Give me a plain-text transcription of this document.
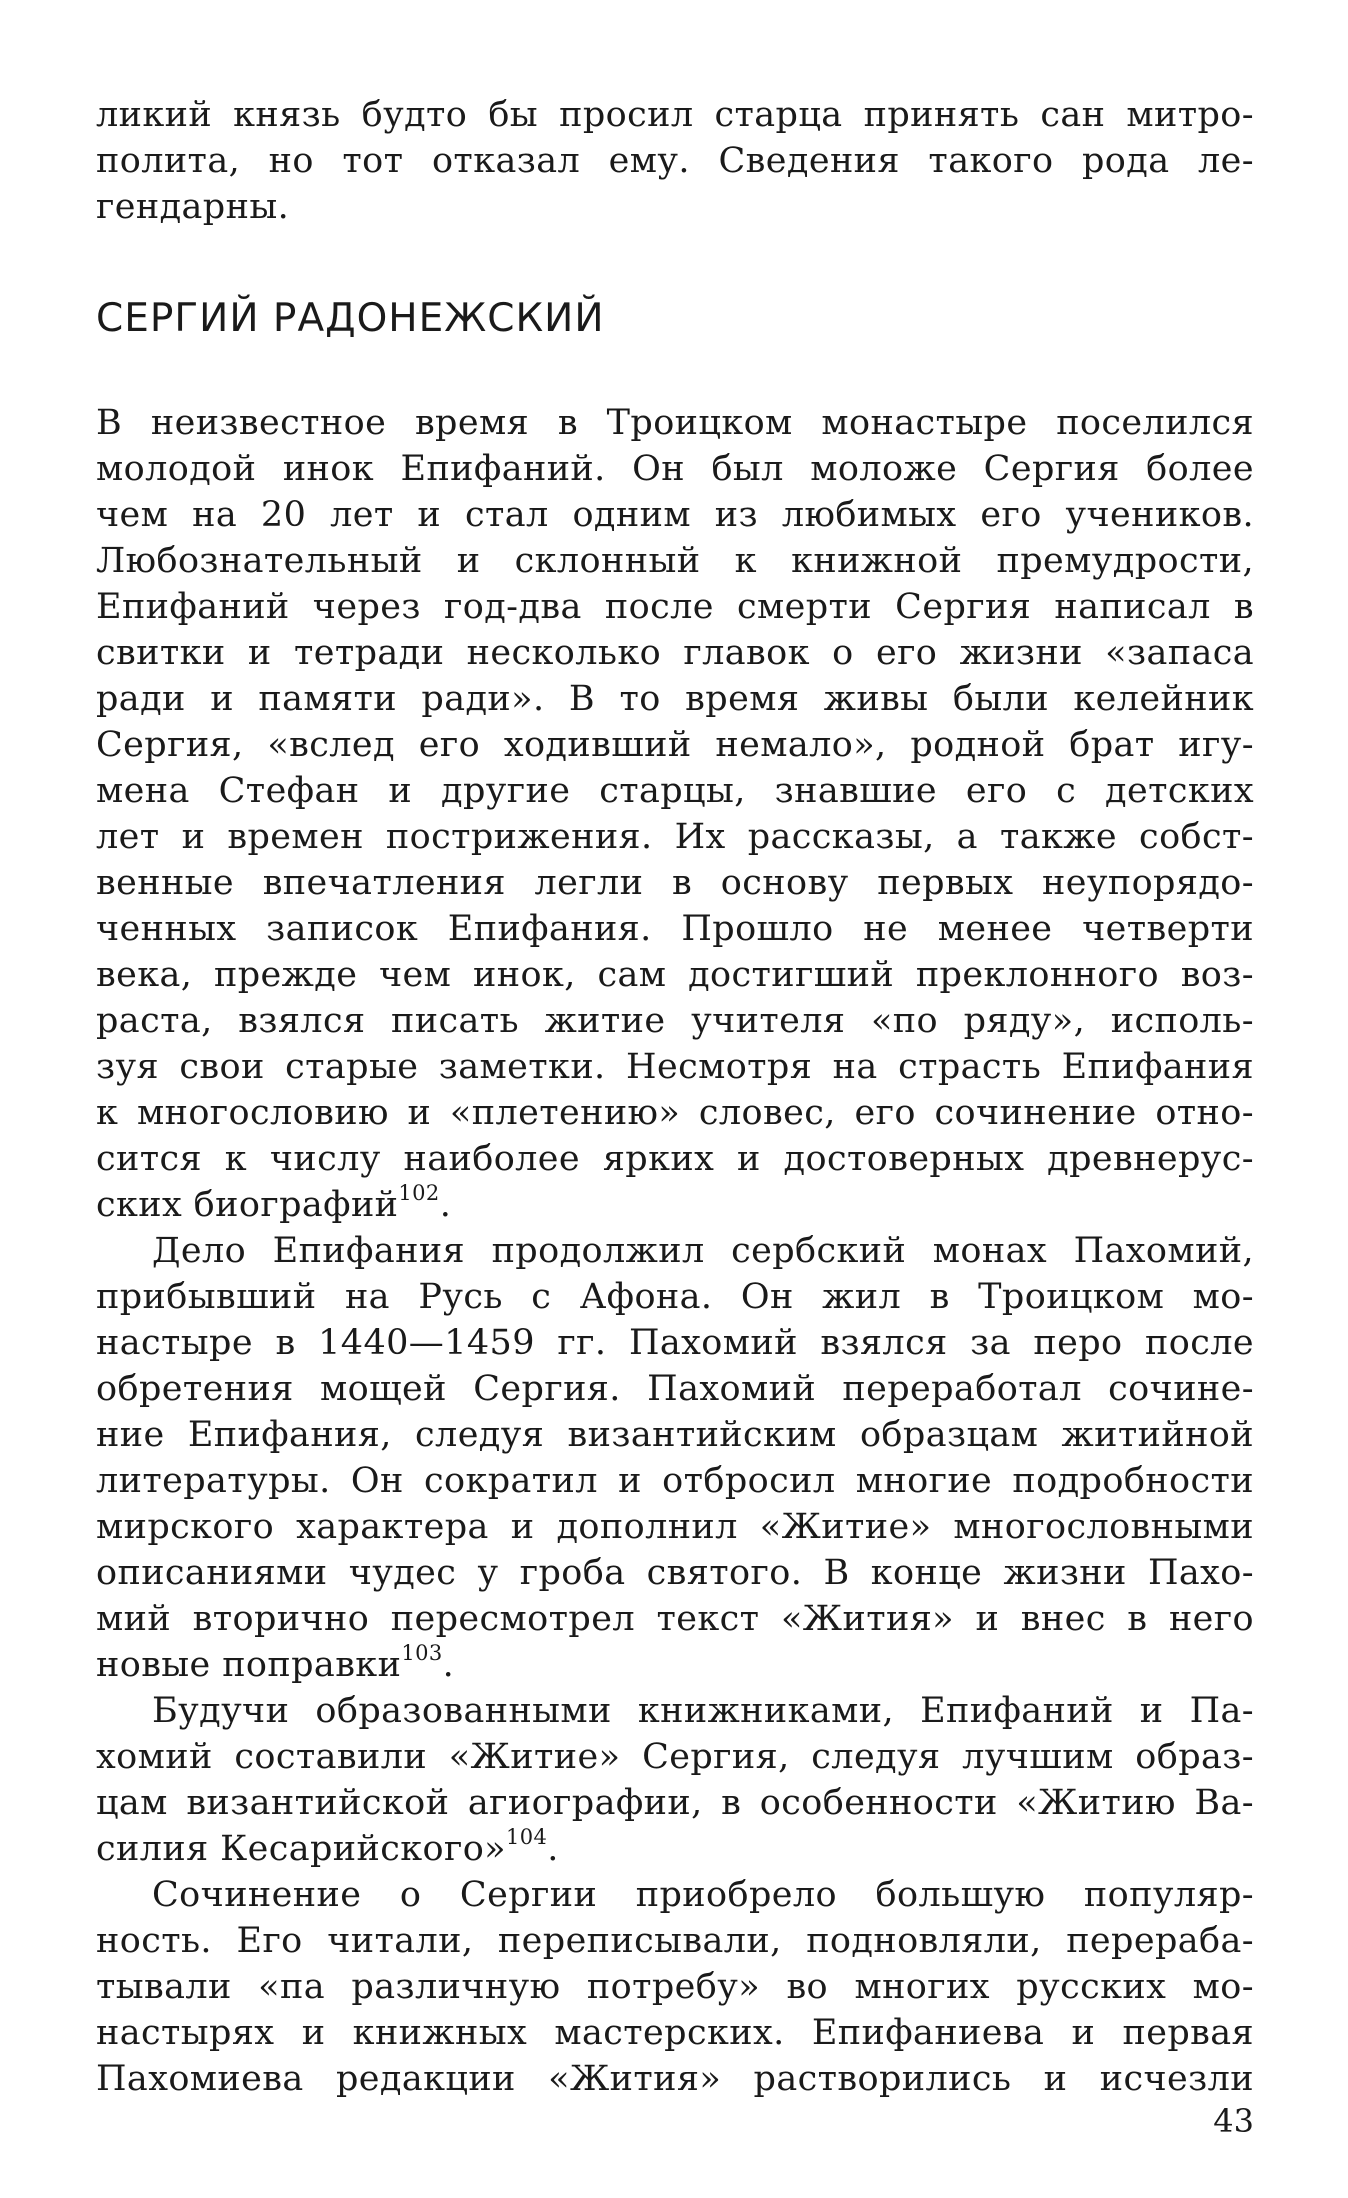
ликий князь будто бы просил старца принять сан митро-
полита, но тот отказал ему. Сведения такого рода ле-
гендарны.
СЕРГИЙ РАДОНЕЖСКИЙ
В неизвестное время в Троицком монастыре поселился
молодой инок Епифаний. Он был моложе Сергия более
чем на 20 лет и стал одним из любимых его учеников.
Любознательный и склонный к книжной премудрости,
Епифаний через год-два после смерти Сергия написал в
свитки и тетради несколько главок о его жизни «запаса
ради и памяти ради». В то время живы были келейник
Сергия, «вслед его ходивший немало», родной брат игу-
мена Стефан и другие старцы, знавшие его с детских
лет и времен пострижения. Их рассказы, а также собст-
венные впечатления легли в основу первых неупорядо-
ченных записок Епифания. Прошло не менее четверти
века, прежде чем инок, сам достигший преклонного воз-
раста, взялся писать житие учителя «по ряду», исполь-
зуя свои старые заметки. Несмотря на страсть Епифания
к многословию и «плетению» словес, его сочинение отно-
сится к числу наиболее ярких и достоверных древнерус-
ских биографий$^{102}$.
Дело Епифания продолжил сербский монах Пахомий,
прибывший на Русь с Афона. Он жил в Троицком мо-
настыре в 1440—1459 гг. Пахомий взялся за перо после
обретения мощей Сергия. Пахомий переработал сочине-
ние Епифания, следуя византийским образцам житийной
литературы. Он сократил и отбросил многие подробности
мирского характера и дополнил «Житие» многословными
описаниями чудес у гроба святого. В конце жизни Пахо-
мий вторично пересмотрел текст «Жития» и внес в него
новые поправки$^{103}$.
Будучи образованными книжниками, Епифаний и Па-
хомий составили «Житие» Сергия, следуя лучшим образ-
цам византийской агиографии, в особенности «Житию Ва-
силия Кесарийского»$^{104}$.
Сочинение о Сергии приобрело большую популяр-
ность. Его читали, переписывали, подновляли, перераба-
тывали «па различную потребу» во многих русских мо-
настырях и книжных мастерских. Епифаниева и первая
Пахомиева редакции «Жития» растворились и исчезли
43
